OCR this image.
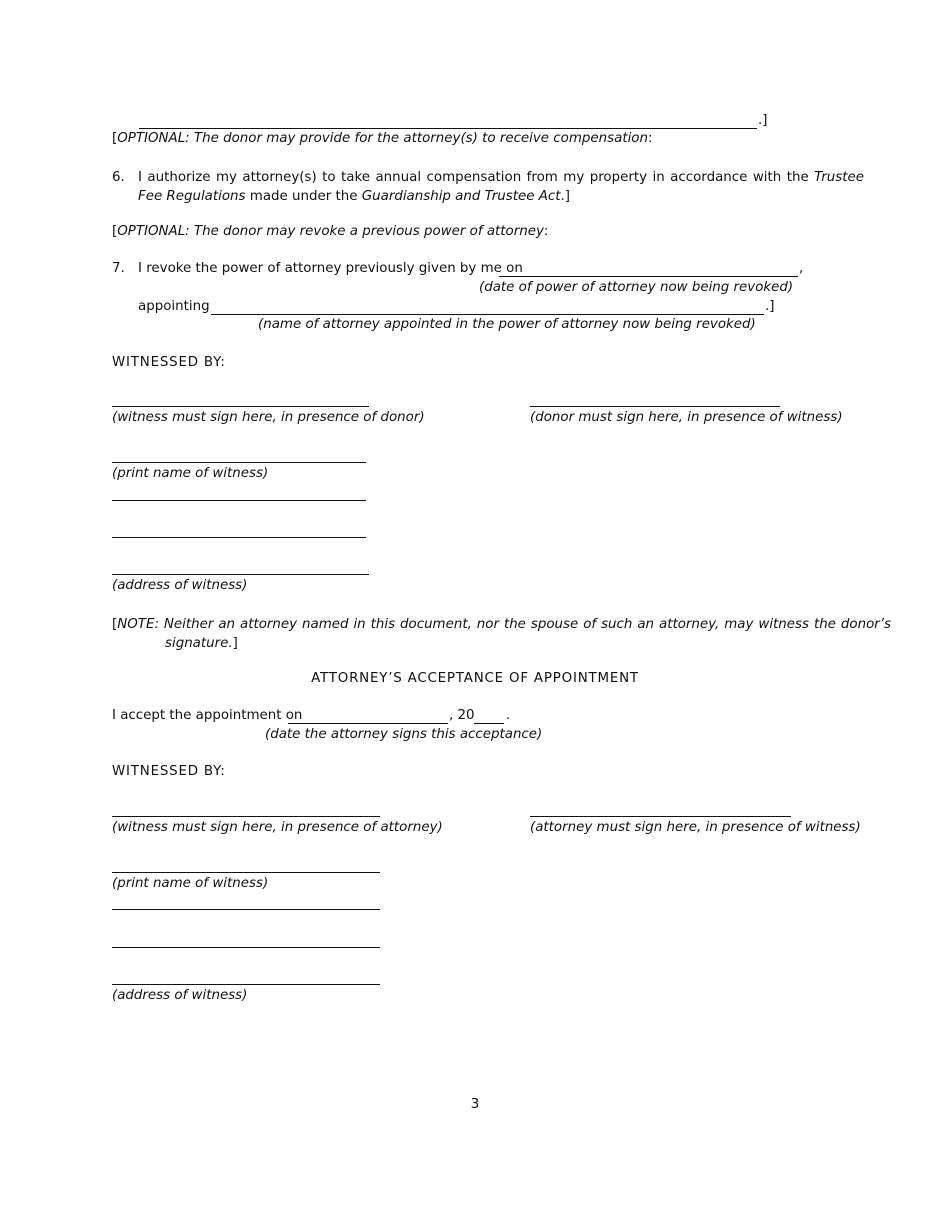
.]
[OPTIONAL: The donor may provide for the attorney(s) to receive compensation:
6. I authorize my attorney(s) to take annual compensation from my property in accordance with the Trustee Fee Regulations made under the Guardianship and Trustee Act.]
[OPTIONAL: The donor may revoke a previous power of attorney:
7. I revoke the power of attorney previously given by me on	,
(date of power of attorney now being revoked)
appointing	.]
(name of attorney appointed in the power of attorney now being revoked)
WITNESSED BY:
(witness must sign here, in presence of donor)	(donor must sign here, in presence of witness)
(print name of witness)
(address of witness)
[NOTE: Neither an attorney named in this document, nor the spouse of such an attorney, may witness the donor’s signature.]
ATTORNEY’S ACCEPTANCE OF APPOINTMENT
I accept the appointment on	, 20 .
(date the attorney signs this acceptance)
WITNESSED BY:
(witness must sign here, in presence of attorney)	(attorney must sign here, in presence of witness)
(print name of witness)
(address of witness)
3
